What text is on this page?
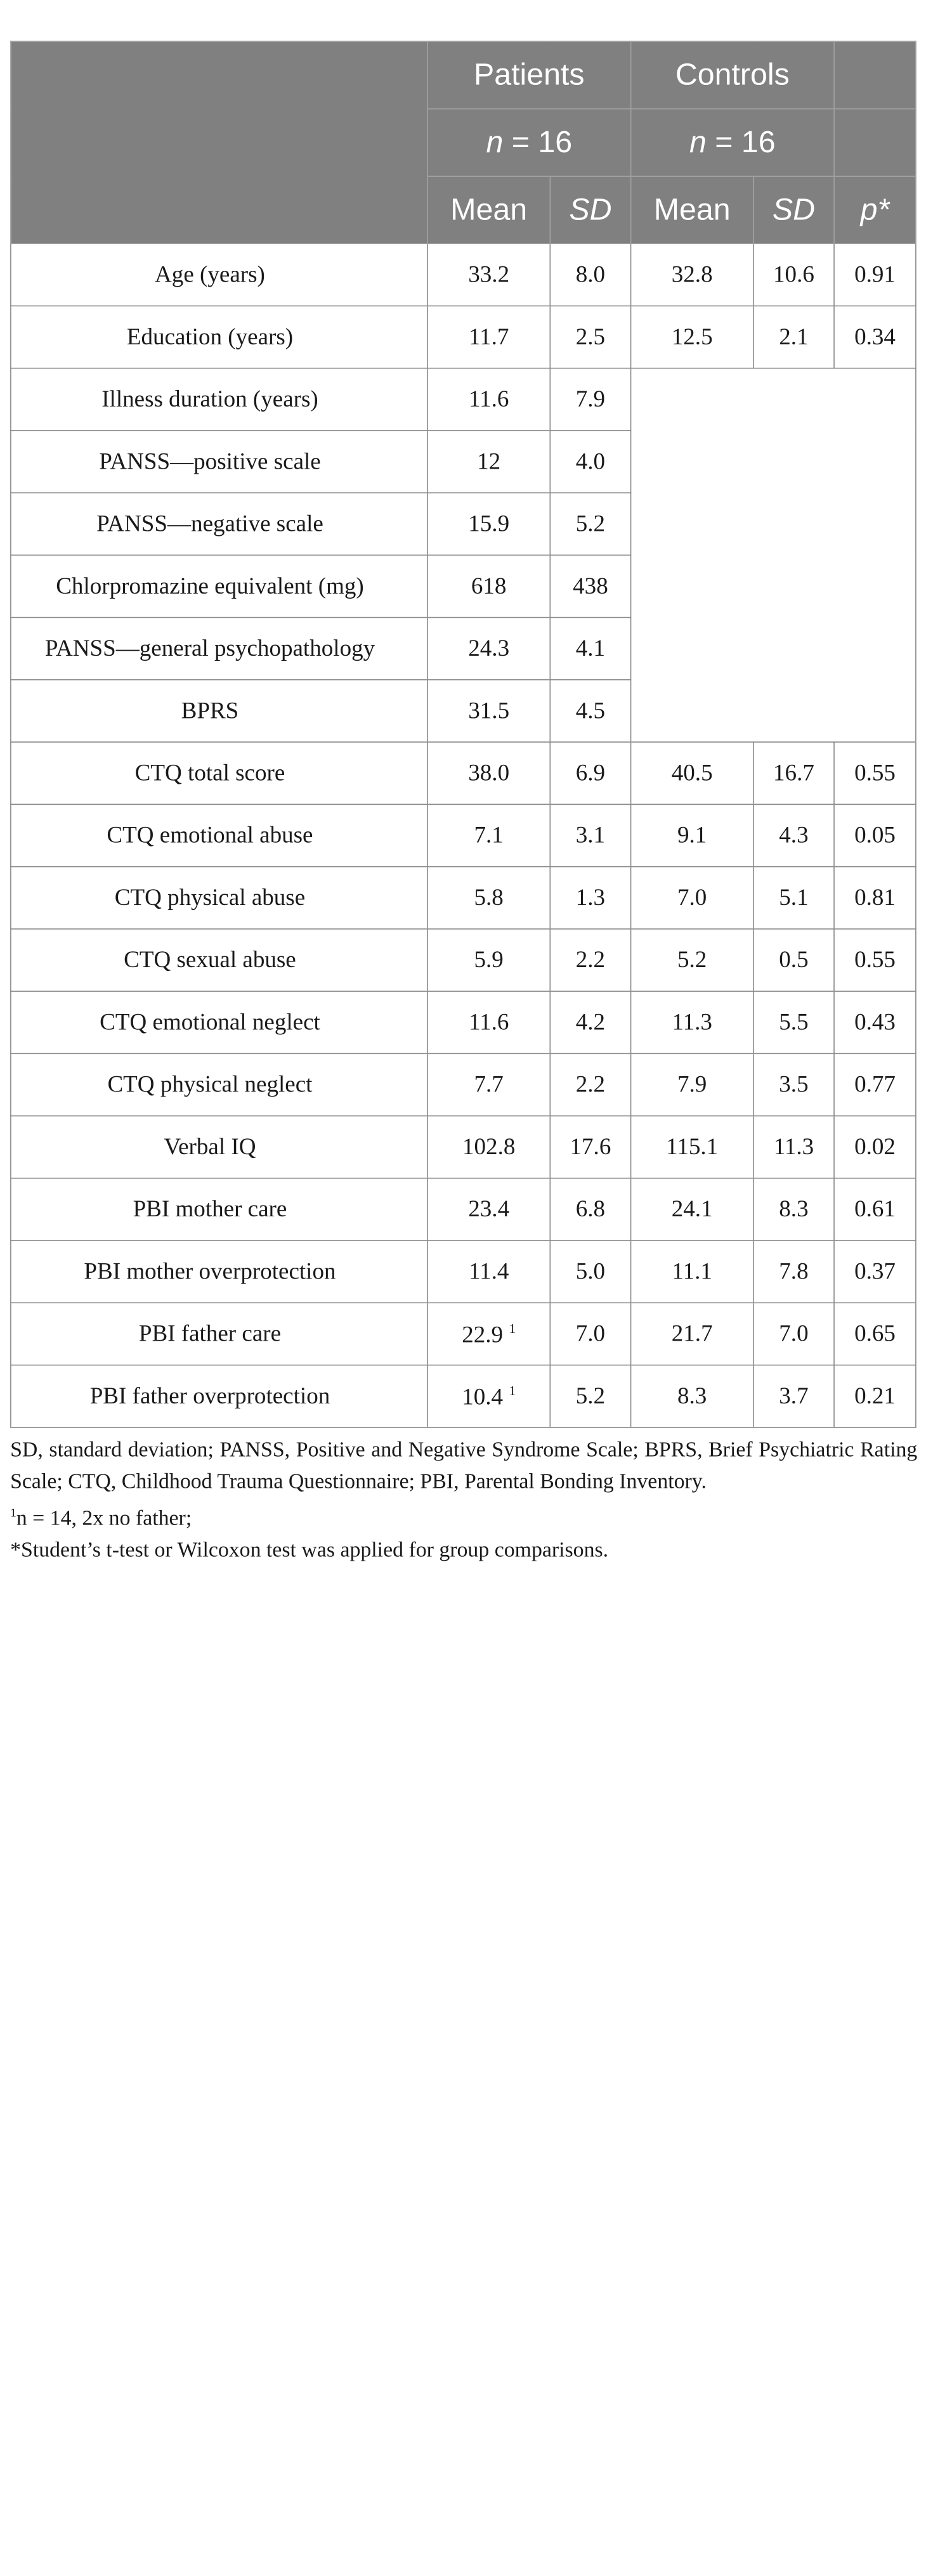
	Patients		Controls		
	n = 16		n = 16		
	Mean	SD	Mean	SD	p*
Age (years)	33.2	8.0	32.8	10.6	0.91
Education (years)	11.7	2.5	12.5	2.1	0.34
Illness duration (years)	11.6	7.9			
PANSS—positive scale	12	4.0			
PANSS—negative scale	15.9	5.2			
Chlorpromazine equivalent (mg)	618	438			
PANSS—general psychopathology	24.3	4.1			
BPRS	31.5	4.5			
CTQ total score	38.0	6.9	40.5	16.7	0.55
CTQ emotional abuse	7.1	3.1	9.1	4.3	0.05
CTQ physical abuse	5.8	1.3	7.0	5.1	0.81
CTQ sexual abuse	5.9	2.2	5.2	0.5	0.55
CTQ emotional neglect	11.6	4.2	11.3	5.5	0.43
CTQ physical neglect	7.7	2.2	7.9	3.5	0.77
Verbal IQ	102.8	17.6	115.1	11.3	0.02
PBI mother care	23.4	6.8	24.1	8.3	0.61
PBI mother overprotection	11.4	5.0	11.1	7.8	0.37
PBI father care	22.9 $^1$	7.0	21.7	7.0	0.65
PBI father overprotection	10.4 $^1$	5.2	8.3	3.7	0.21

SD, standard deviation; PANSS, Positive and Negative Syndrome Scale; BPRS, Brief Psychiatric Rating Scale; CTQ, Childhood Trauma Questionnaire; PBI, Parental Bonding Inventory.

$^1$n = 14, 2x no father;

*Student’s t-test or Wilcoxon test was applied for group comparisons.
